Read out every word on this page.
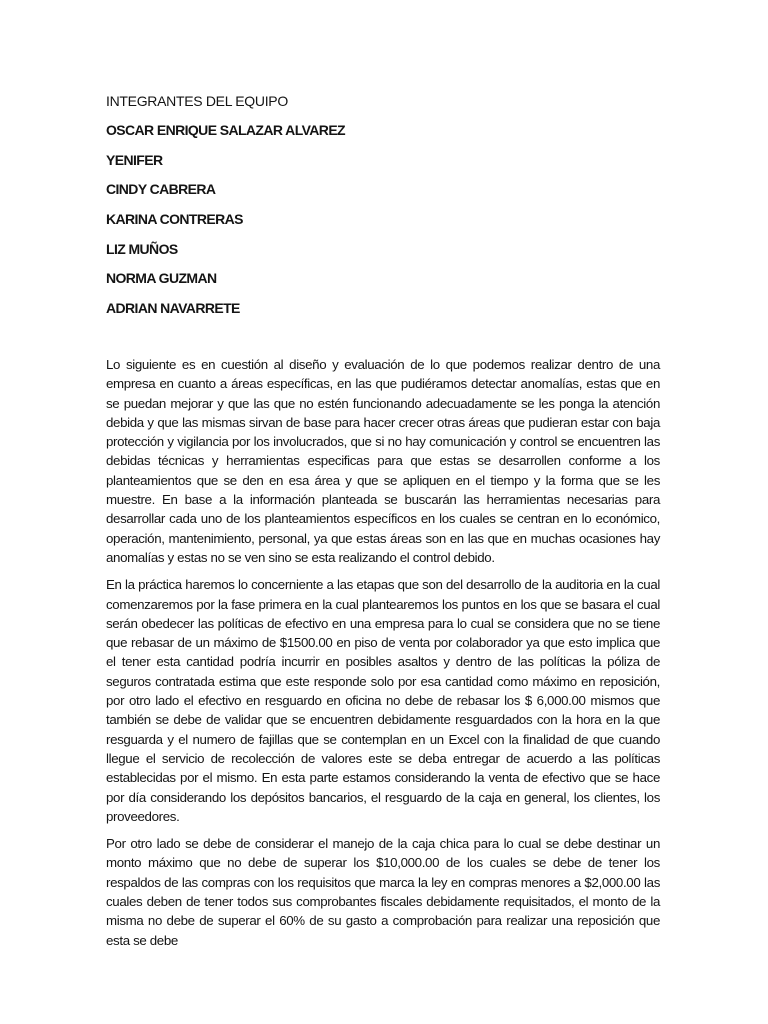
INTEGRANTES DEL EQUIPO
OSCAR ENRIQUE SALAZAR ALVAREZ
YENIFER
CINDY CABRERA
KARINA CONTRERAS
LIZ MUÑOS
NORMA GUZMAN
ADRIAN NAVARRETE

Lo siguiente es en cuestión al diseño y evaluación de lo que podemos realizar dentro de una empresa en cuanto a áreas específicas, en las que pudiéramos detectar anomalías, estas que en se puedan mejorar y que las que no estén funcionando adecuadamente se les ponga la atención debida y que las mismas sirvan de base para hacer crecer otras áreas que pudieran estar con baja protección y vigilancia por los involucrados, que si no hay comunicación y control se encuentren las debidas técnicas y herramientas especificas para que estas se desarrollen conforme a los planteamientos que se den en esa área y que se apliquen en el tiempo y la forma que se les muestre. En base a la información planteada se buscarán las herramientas necesarias para desarrollar cada uno de los planteamientos específicos en los cuales se centran en lo económico, operación, mantenimiento, personal, ya que estas áreas son en las que en muchas ocasiones hay anomalías y estas no se ven sino se esta realizando el control debido.

En la práctica haremos lo concerniente a las etapas que son del desarrollo de la auditoria en la cual comenzaremos por la fase primera en la cual plantearemos los puntos en los que se basara el cual serán obedecer las políticas de efectivo en una empresa para lo cual se considera que no se tiene que rebasar de un máximo de $1500.00 en piso de venta por colaborador ya que esto implica que el tener esta cantidad podría incurrir en posibles asaltos y dentro de las políticas la póliza de seguros contratada estima que este responde solo por esa cantidad como máximo en reposición, por otro lado el efectivo en resguardo en oficina no debe de rebasar los $ 6,000.00 mismos que también se debe de validar que se encuentren debidamente resguardados con la hora en la que resguarda y el numero de fajillas que se contemplan en un Excel con la finalidad de que cuando llegue el servicio de recolección de valores este se deba entregar de acuerdo a las políticas establecidas por el mismo. En esta parte estamos considerando la venta de efectivo que se hace por día considerando los depósitos bancarios, el resguardo de la caja en general, los clientes, los proveedores.

Por otro lado se debe de considerar el manejo de la caja chica para lo cual se debe destinar un monto máximo que no debe de superar los $10,000.00 de los cuales se debe de tener los respaldos de las compras con los requisitos que marca la ley en compras menores a $2,000.00 las cuales deben de tener todos sus comprobantes fiscales debidamente requisitados, el monto de la misma no debe de superar el 60% de su gasto a comprobación para realizar una reposición que esta se debe
